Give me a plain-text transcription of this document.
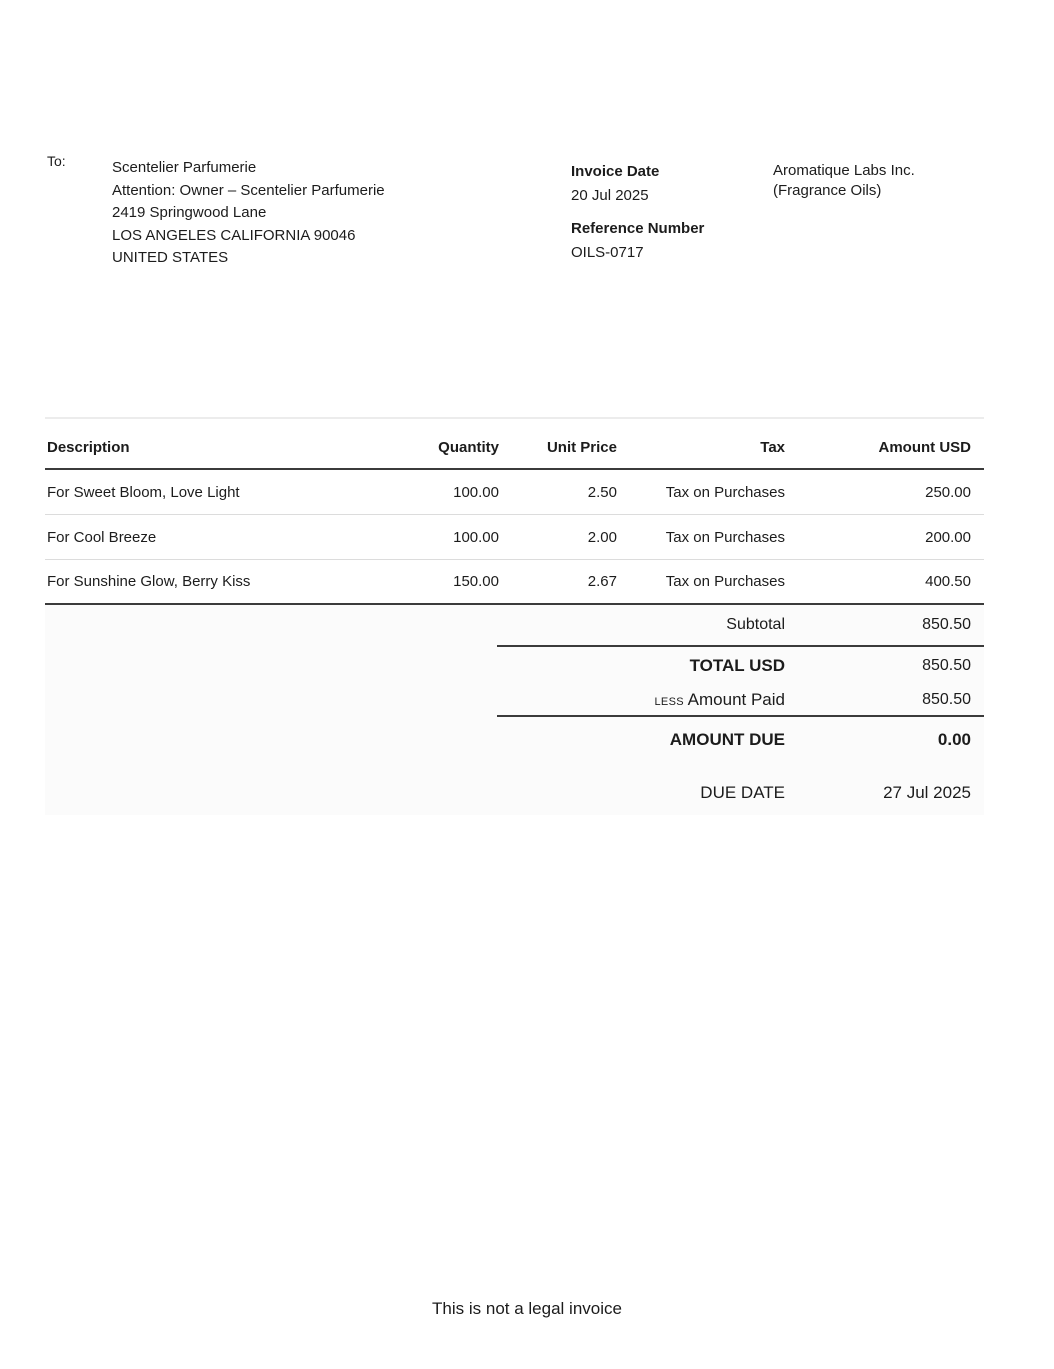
To:	Scentelier Parfumerie
Attention: Owner – Scentelier Parfumerie
2419 Springwood Lane
LOS ANGELES CALIFORNIA 90046
UNITED STATES
Invoice Date
20 Jul 2025
Reference Number
OILS-0717
Aromatique Labs Inc.
(Fragrance Oils)
Description	Quantity	Unit Price	Tax	Amount USD
For Sweet Bloom, Love Light	100.00	2.50	Tax on Purchases	250.00
For Cool Breeze	100.00	2.00	Tax on Purchases	200.00
For Sunshine Glow, Berry Kiss	150.00	2.67	Tax on Purchases	400.50
Subtotal	850.50
TOTAL USD	850.50
LESS Amount Paid	850.50
AMOUNT DUE	0.00
DUE DATE	27 Jul 2025
This is not a legal invoice
